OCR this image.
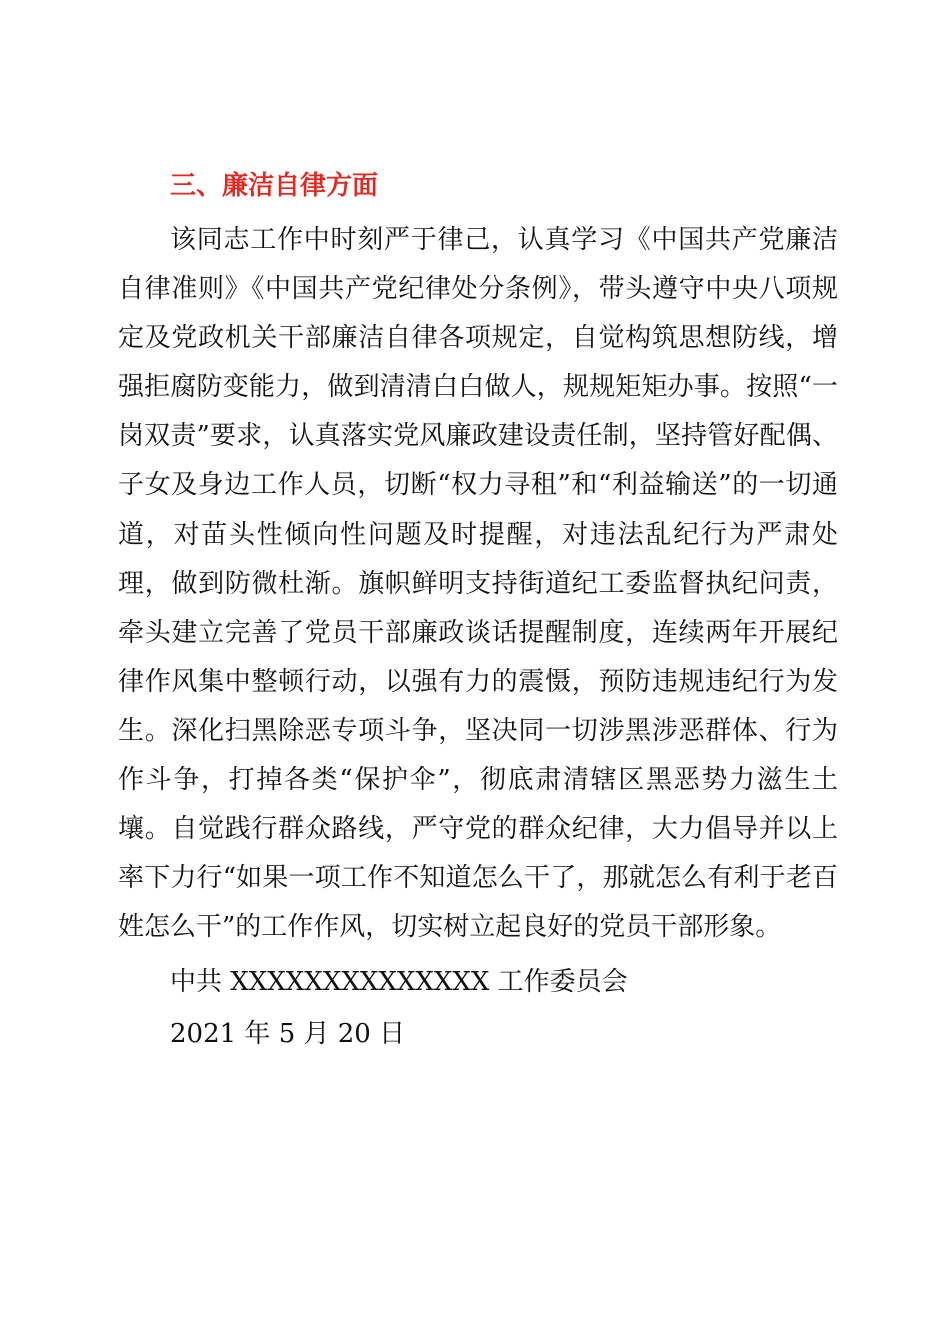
三、廉洁自律方面

该同志工作中时刻严于律己，认真学习《中国共产党廉洁自律准则》《中国共产党纪律处分条例》，带头遵守中央八项规定及党政机关干部廉洁自律各项规定，自觉构筑思想防线，增强拒腐防变能力，做到清清白白做人，规规矩矩办事。按照“一岗双责”要求，认真落实党风廉政建设责任制，坚持管好配偶、子女及身边工作人员，切断“权力寻租”和“利益输送”的一切通道，对苗头性倾向性问题及时提醒，对违法乱纪行为严肃处理，做到防微杜渐。旗帜鲜明支持街道纪工委监督执纪问责，牵头建立完善了党员干部廉政谈话提醒制度，连续两年开展纪律作风集中整顿行动，以强有力的震慑，预防违规违纪行为发生。深化扫黑除恶专项斗争，坚决同一切涉黑涉恶群体、行为作斗争，打掉各类“保护伞”，彻底肃清辖区黑恶势力滋生土壤。自觉践行群众路线，严守党的群众纪律，大力倡导并以上率下力行“如果一项工作不知道怎么干了，那就怎么有利于老百姓怎么干”的工作作风，切实树立起良好的党员干部形象。

中共 XXXXXXXXXXXXXX 工作委员会
2021 年 5 月 20 日
